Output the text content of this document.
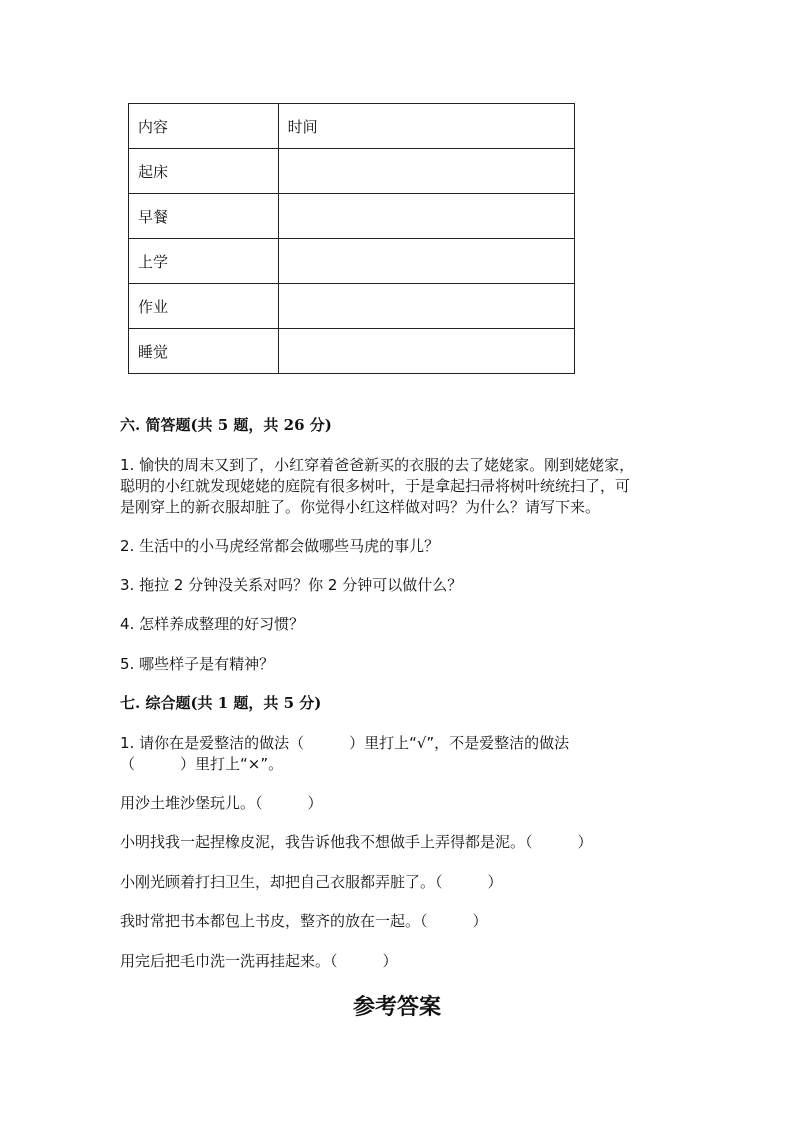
内容	时间
起床	
早餐	
上学	
作业	
睡觉	
六. 简答题(共 5 题，共 26 分)
1. 愉快的周末又到了，小红穿着爸爸新买的衣服的去了姥姥家。刚到姥姥家，
聪明的小红就发现姥姥的庭院有很多树叶，于是拿起扫帚将树叶统统扫了，可
是刚穿上的新衣服却脏了。你觉得小红这样做对吗？为什么？请写下来。
2. 生活中的小马虎经常都会做哪些马虎的事儿？
3. 拖拉 2 分钟没关系对吗？你 2 分钟可以做什么？
4. 怎样养成整理的好习惯？
5. 哪些样子是有精神？
七. 综合题(共 1 题，共 5 分)
1. 请你在是爱整洁的做法（　　　）里打上“√”，不是爱整洁的做法
（　　　）里打上“×”。
用沙土堆沙堡玩儿。（　　　）
小明找我一起捏橡皮泥，我告诉他我不想做手上弄得都是泥。（　　　）
小刚光顾着打扫卫生，却把自己衣服都弄脏了。（　　　）
我时常把书本都包上书皮，整齐的放在一起。（　　　）
用完后把毛巾洗一洗再挂起来。（　　　）
参考答案
